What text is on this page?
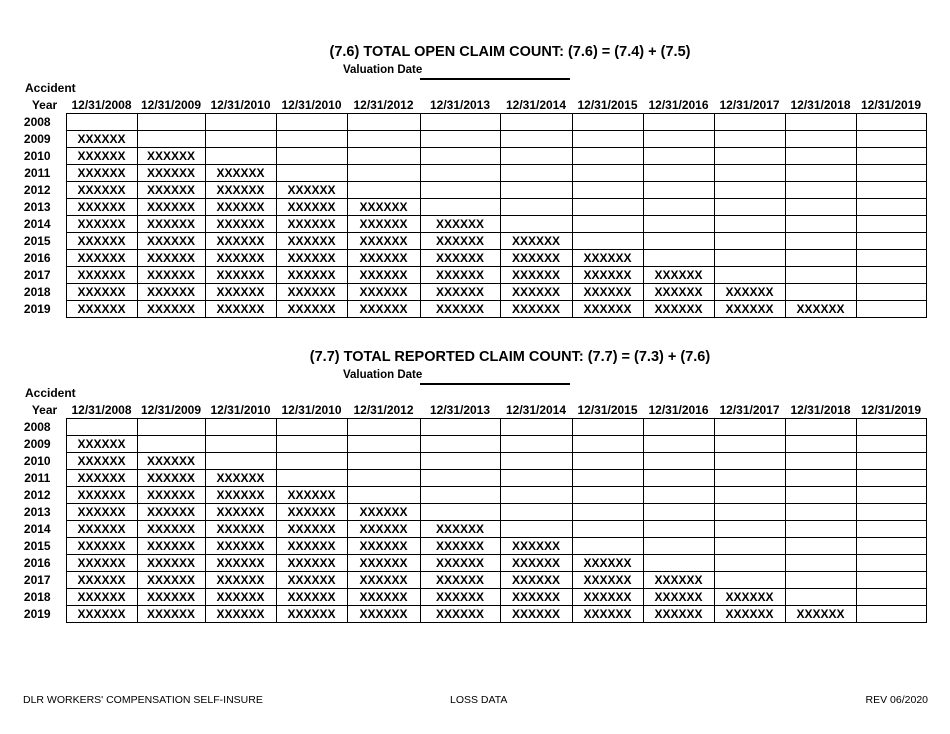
(7.6) TOTAL OPEN CLAIM COUNT: (7.6) = (7.4) + (7.5)
Valuation Date
Accident
Year	12/31/2008	12/31/2009	12/31/2010	12/31/2010	12/31/2012	12/31/2013	12/31/2014	12/31/2015	12/31/2016	12/31/2017	12/31/2018	12/31/2019
2008												
2009	XXXXXX											
2010	XXXXXX	XXXXXX										
2011	XXXXXX	XXXXXX	XXXXXX									
2012	XXXXXX	XXXXXX	XXXXXX	XXXXXX								
2013	XXXXXX	XXXXXX	XXXXXX	XXXXXX	XXXXXX							
2014	XXXXXX	XXXXXX	XXXXXX	XXXXXX	XXXXXX	XXXXXX						
2015	XXXXXX	XXXXXX	XXXXXX	XXXXXX	XXXXXX	XXXXXX	XXXXXX					
2016	XXXXXX	XXXXXX	XXXXXX	XXXXXX	XXXXXX	XXXXXX	XXXXXX	XXXXXX				
2017	XXXXXX	XXXXXX	XXXXXX	XXXXXX	XXXXXX	XXXXXX	XXXXXX	XXXXXX	XXXXXX			
2018	XXXXXX	XXXXXX	XXXXXX	XXXXXX	XXXXXX	XXXXXX	XXXXXX	XXXXXX	XXXXXX	XXXXXX		
2019	XXXXXX	XXXXXX	XXXXXX	XXXXXX	XXXXXX	XXXXXX	XXXXXX	XXXXXX	XXXXXX	XXXXXX	XXXXXX	
(7.7) TOTAL REPORTED CLAIM COUNT: (7.7) = (7.3) + (7.6)
Valuation Date
Accident
Year	12/31/2008	12/31/2009	12/31/2010	12/31/2010	12/31/2012	12/31/2013	12/31/2014	12/31/2015	12/31/2016	12/31/2017	12/31/2018	12/31/2019
2008												
2009	XXXXXX											
2010	XXXXXX	XXXXXX										
2011	XXXXXX	XXXXXX	XXXXXX									
2012	XXXXXX	XXXXXX	XXXXXX	XXXXXX								
2013	XXXXXX	XXXXXX	XXXXXX	XXXXXX	XXXXXX							
2014	XXXXXX	XXXXXX	XXXXXX	XXXXXX	XXXXXX	XXXXXX						
2015	XXXXXX	XXXXXX	XXXXXX	XXXXXX	XXXXXX	XXXXXX	XXXXXX					
2016	XXXXXX	XXXXXX	XXXXXX	XXXXXX	XXXXXX	XXXXXX	XXXXXX	XXXXXX				
2017	XXXXXX	XXXXXX	XXXXXX	XXXXXX	XXXXXX	XXXXXX	XXXXXX	XXXXXX	XXXXXX			
2018	XXXXXX	XXXXXX	XXXXXX	XXXXXX	XXXXXX	XXXXXX	XXXXXX	XXXXXX	XXXXXX	XXXXXX		
2019	XXXXXX	XXXXXX	XXXXXX	XXXXXX	XXXXXX	XXXXXX	XXXXXX	XXXXXX	XXXXXX	XXXXXX	XXXXXX	
DLR WORKERS' COMPENSATION SELF-INSURE	LOSS DATA	REV 06/2020
